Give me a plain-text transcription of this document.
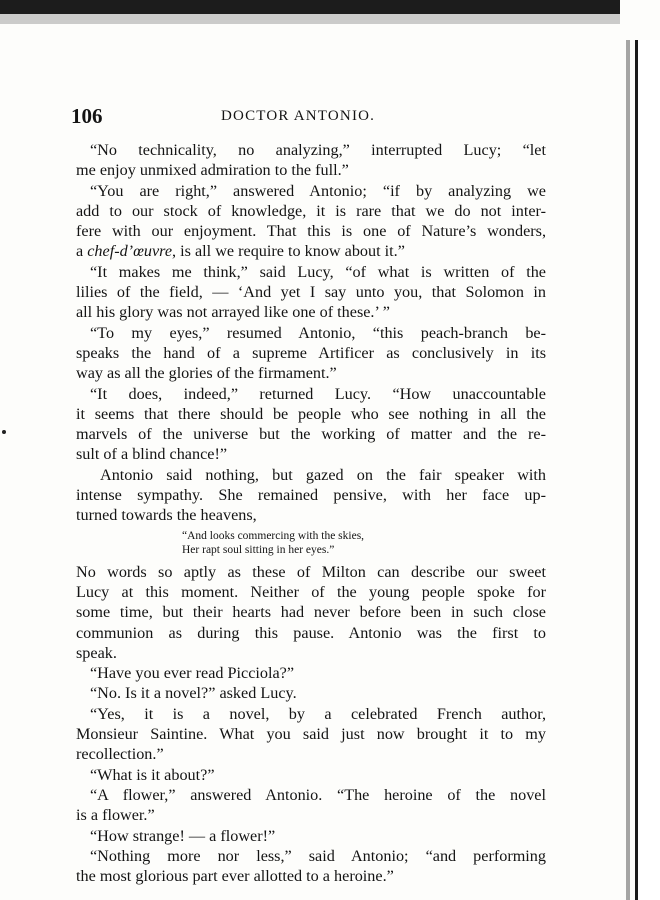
106	DOCTOR ANTONIO.
“No technicality, no analyzing,” interrupted Lucy; “let
me enjoy unmixed admiration to the full.”
“You are right,” answered Antonio; “if by analyzing we
add to our stock of knowledge, it is rare that we do not inter-
fere with our enjoyment. That this is one of Nature’s wonders,
a chef-d’œuvre, is all we require to know about it.”
“It makes me think,” said Lucy, “of what is written of the
lilies of the field, — ‘And yet I say unto you, that Solomon in
all his glory was not arrayed like one of these.’ ”
“To my eyes,” resumed Antonio, “this peach-branch be-
speaks the hand of a supreme Artificer as conclusively in its
way as all the glories of the firmament.”
“It does, indeed,” returned Lucy. “How unaccountable
it seems that there should be people who see nothing in all the
marvels of the universe but the working of matter and the re-
sult of a blind chance!”
Antonio said nothing, but gazed on the fair speaker with
intense sympathy. She remained pensive, with her face up-
turned towards the heavens,
“And looks commercing with the skies,
Her rapt soul sitting in her eyes.”
No words so aptly as these of Milton can describe our sweet
Lucy at this moment. Neither of the young people spoke for
some time, but their hearts had never before been in such close
communion as during this pause. Antonio was the first to
speak.
“Have you ever read Picciola?”
“No. Is it a novel?” asked Lucy.
“Yes, it is a novel, by a celebrated French author,
Monsieur Saintine. What you said just now brought it to my
recollection.”
“What is it about?”
“A flower,” answered Antonio. “The heroine of the novel
is a flower.”
“How strange! — a flower!”
“Nothing more nor less,” said Antonio; “and performing
the most glorious part ever allotted to a heroine.”
